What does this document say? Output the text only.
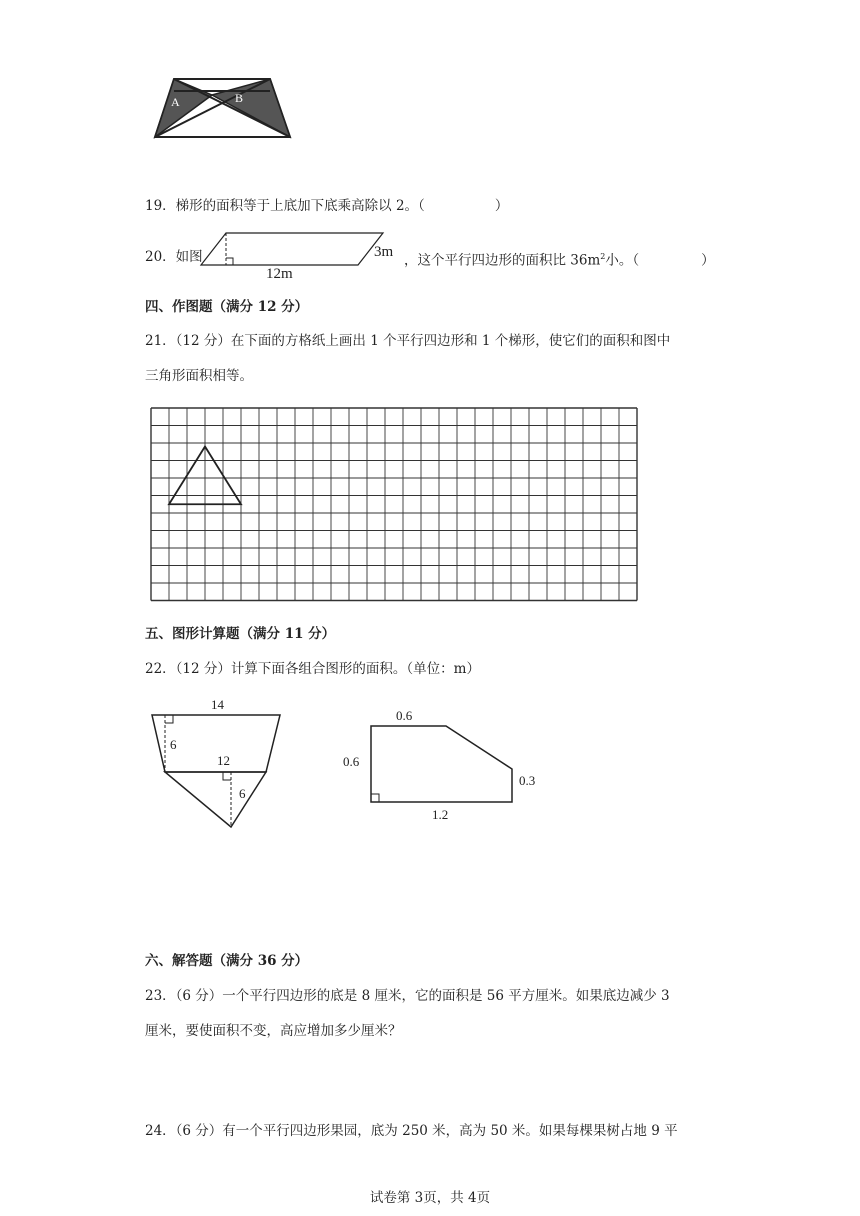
A	B
19．梯形的面积等于上底加下底乘高除以 2。（	）
20．如图	3m
12m
，这个平行四边形的面积比 $36m^2$小。（	）
四、作图题（满分 12 分）
21．（12 分）在下面的方格纸上画出 1 个平行四边形和 1 个梯形，使它们的面积和图中
三角形面积相等。
五、图形计算题（满分 11 分）
22．（12 分）计算下面各组合图形的面积。（单位：m）
14
6
12
6
0.6
0.6
0.3
1.2
六、解答题（满分 36 分）
23．（6 分）一个平行四边形的底是 8 厘米，它的面积是 56 平方厘米。如果底边减少 3
厘米，要使面积不变，高应增加多少厘米？
24．（6 分）有一个平行四边形果园，底为 250 米，高为 50 米。如果每棵果树占地 9 平
试卷第 3页，共 4页
